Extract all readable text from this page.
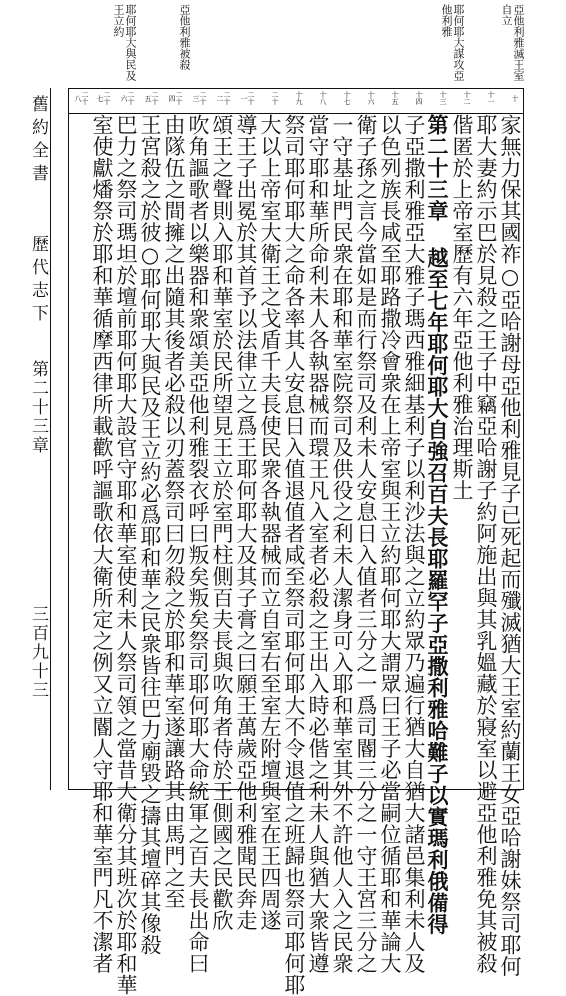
亞他利雅滅王室自立
耶何耶大謀攻亞他利雅
亞他利雅被殺
耶何耶大與民及王立約
十
十一
十二
十三
十四
十五
十六
十七
十八
十九
二十
二十一
二十二
二十三
二十四
二十五
二十六
二十七
二十八
家無力保其國祚○亞哈謝母亞他利雅見子已死起而殲滅猶大王室約蘭王女亞哈謝妹祭司耶何
耶大妻約示巴於見殺之王子中竊亞哈謝子約阿施出與其乳媼藏於寢室以避亞他利雅免其被殺
偕匿於上帝室歷有六年亞他利雅治理斯土
第二十三章 越至七年耶何耶大自強召百夫長耶羅罕子亞撒利雅哈難子以實瑪利俄備得
子亞撒利雅亞大雅子瑪西雅細基利子以利沙法與之立約眾乃遍行猶大自猶大諸邑集利未人及
以色列族長咸至耶路撒冷會衆在上帝室與王立約耶何耶大謂眾曰王子必當嗣位循耶和華論大
衛子孫之言今當如是而行祭司及利未人安息日入值者三分之一爲司閽三分之一守王宮三分之
一守基址門民衆在耶和華室院祭司及供役之利未人潔身可入耶和華室其外不許他人入之民衆
當守耶和華所命利未人各執器械而環王凡入室者必殺之王出入時必偕之利未人與猶大衆皆遵
祭司耶何耶大之命各率其人安息日入值退值者咸至祭司耶何耶大不令退值之班歸也祭司耶何耶
大以上帝室大衛王之戈盾千夫長使民衆各執器械而立自室右至室左附壇與室在王四周遂
導王子出冕於其首予以法律立之爲王耶何耶大及其子膏之曰願王萬歲亞他利雅聞民奔走
頌王之聲則入耶和華室於民所望見王立於室門柱側百夫長與吹角者侍於王側國之民歡欣
吹角謳歌者以樂器和衆頌美亞他利雅裂衣呼曰叛矣叛矣祭司耶何耶大命統軍之百夫長出命曰
由隊伍之間擁之出隨其後者必殺以刃蓋祭司曰勿殺之於耶和華室遂讓路其由馬門之至
王宮殺之於彼○耶何耶大與民及王立約必爲耶和華之民衆皆往巴力廟毀之擣其壇碎其像殺
巴力之祭司瑪坦於壇前耶何耶大設官守耶和華室使利未人祭司領之當昔大衛分其班次於耶和華
室使獻燔祭於耶和華循摩西律所載歡呼謳歌依大衛所定之例又立閽人守耶和華室門凡不潔者
舊約全書
歷代志下
第二十三章
三百九十三
